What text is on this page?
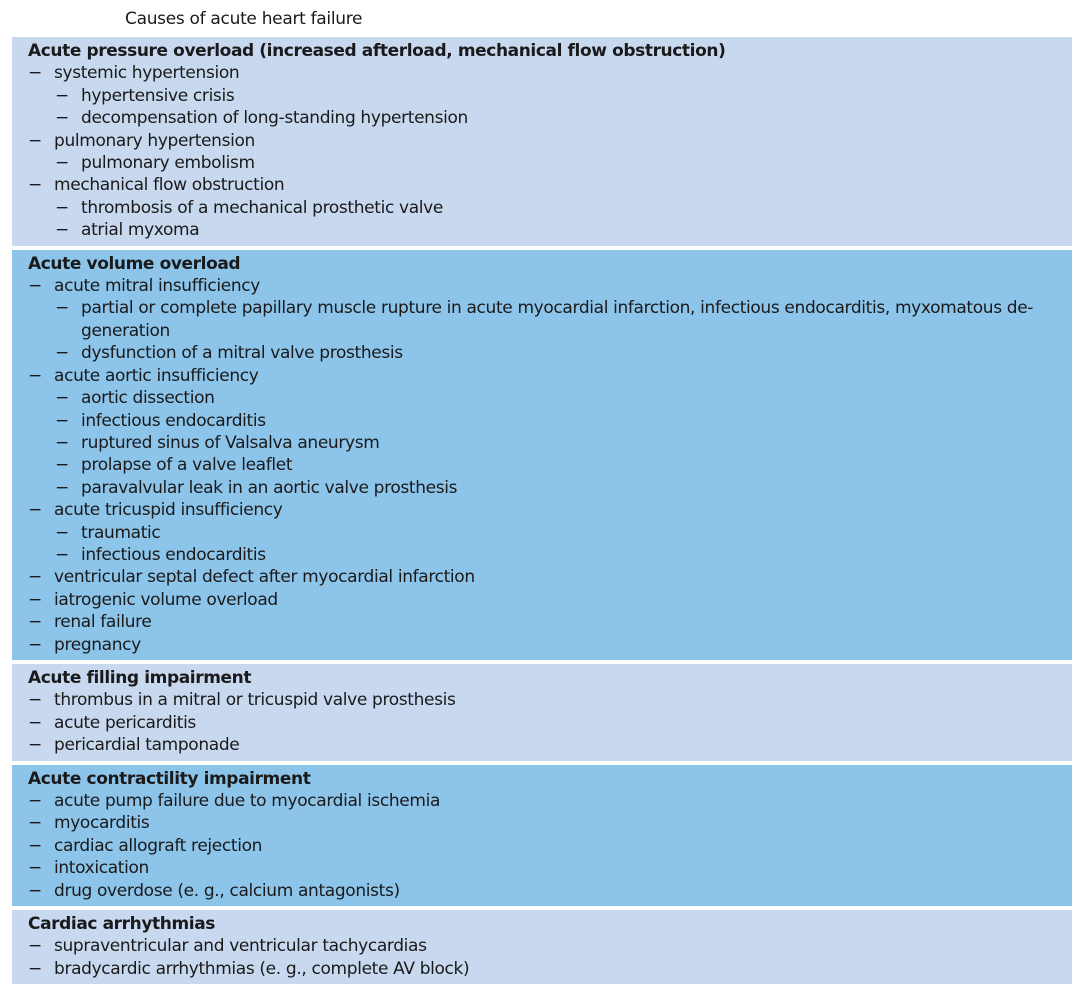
Causes of acute heart failure
Acute pressure overload (increased afterload, mechanical flow obstruction)
− systemic hypertension
− hypertensive crisis
− decompensation of long-standing hypertension
− pulmonary hypertension
− pulmonary embolism
− mechanical flow obstruction
− thrombosis of a mechanical prosthetic valve
− atrial myxoma
Acute volume overload
− acute mitral insufficiency
− partial or complete papillary muscle rupture in acute myocardial infarction, infectious endocarditis, myxomatous de-generation
− dysfunction of a mitral valve prosthesis
− acute aortic insufficiency
− aortic dissection
− infectious endocarditis
− ruptured sinus of Valsalva aneurysm
− prolapse of a valve leaflet
− paravalvular leak in an aortic valve prosthesis
− acute tricuspid insufficiency
− traumatic
− infectious endocarditis
− ventricular septal defect after myocardial infarction
− iatrogenic volume overload
− renal failure
− pregnancy
Acute filling impairment
− thrombus in a mitral or tricuspid valve prosthesis
− acute pericarditis
− pericardial tamponade
Acute contractility impairment
− acute pump failure due to myocardial ischemia
− myocarditis
− cardiac allograft rejection
− intoxication
− drug overdose (e. g., calcium antagonists)
Cardiac arrhythmias
− supraventricular and ventricular tachycardias
− bradycardic arrhythmias (e. g., complete AV block)
